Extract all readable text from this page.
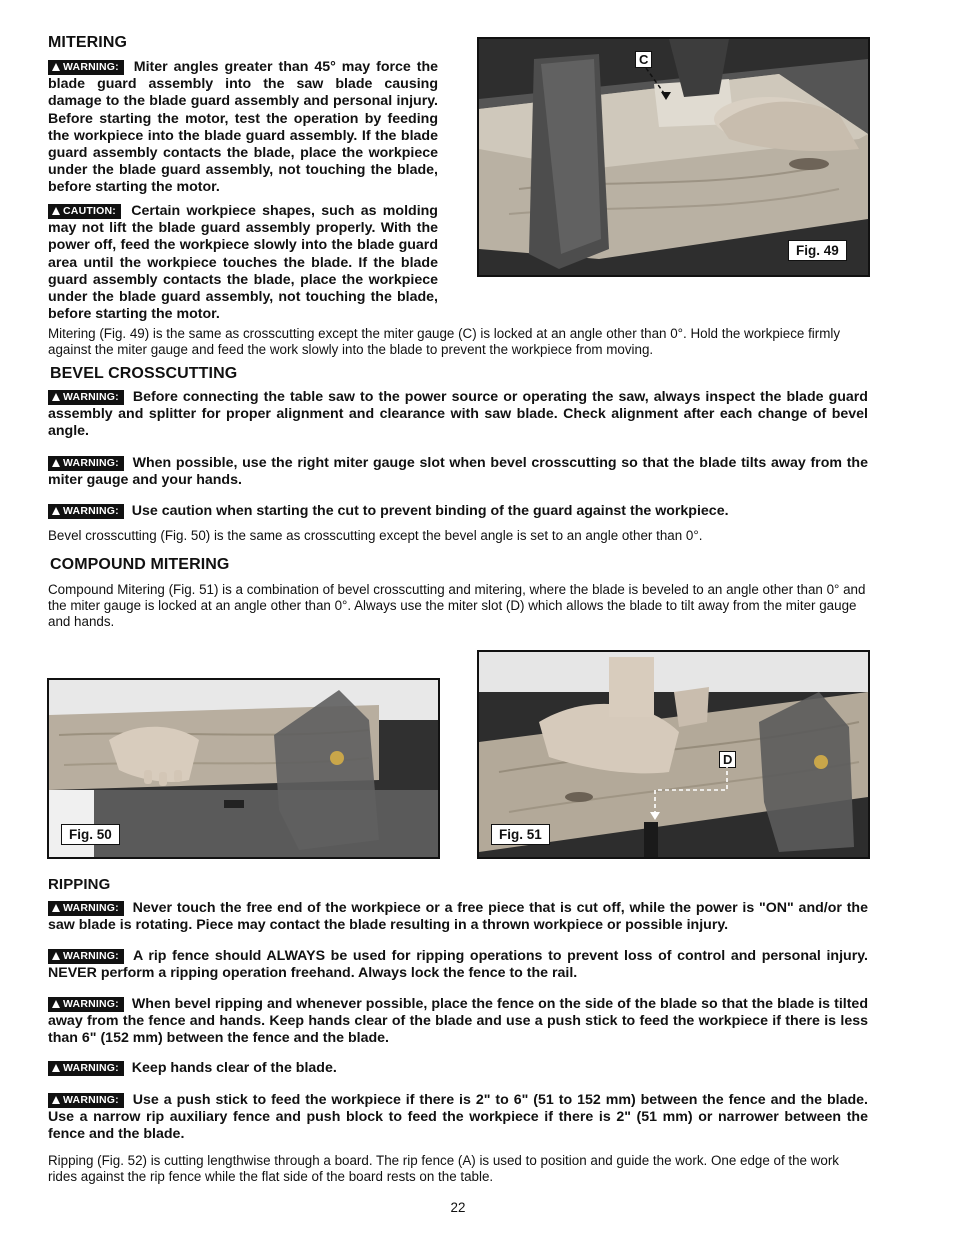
MITERING
WARNING: Miter angles greater than 45° may force the blade guard assembly into the saw blade causing damage to the blade guard assembly and personal injury. Before starting the motor, test the operation by feeding the workpiece into the blade guard assembly. If the blade guard assembly contacts the blade, place the workpiece under the blade guard assembly, not touching the blade, before starting the motor.
CAUTION: Certain workpiece shapes, such as molding may not lift the blade guard assembly properly. With the power off, feed the workpiece slowly into the blade guard area until the workpiece touches the blade. If the blade guard assembly contacts the blade, place the workpiece under the blade guard assembly, not touching the blade, before starting the motor.
C
Fig. 49
Mitering (Fig. 49) is the same as crosscutting except the miter gauge (C) is locked at an angle other than 0°. Hold the workpiece firmly against the miter gauge and feed the work slowly into the blade to prevent the workpiece from moving.
BEVEL CROSSCUTTING
WARNING: Before connecting the table saw to the power source or operating the saw, always inspect the blade guard assembly and splitter for proper alignment and clearance with saw blade. Check alignment after each change of bevel angle.
WARNING: When possible, use the right miter gauge slot when bevel crosscutting so that the blade tilts away from the miter gauge and your hands.
WARNING: Use caution when starting the cut to prevent binding of the guard against the workpiece.
Bevel crosscutting (Fig. 50) is the same as crosscutting except the bevel angle is set to an angle other than 0°.
COMPOUND MITERING
Compound Mitering (Fig. 51) is a combination of bevel crosscutting and mitering, where the blade is beveled to an angle other than 0° and the miter gauge is locked at an angle other than 0°. Always use the miter slot (D) which allows the blade to tilt away from the miter gauge and hands.
Fig. 50
D
Fig. 51
RIPPING
WARNING: Never touch the free end of the workpiece or a free piece that is cut off, while the power is "ON" and/or the saw blade is rotating. Piece may contact the blade resulting in a thrown workpiece or possible injury.
WARNING: A rip fence should ALWAYS be used for ripping operations to prevent loss of control and personal injury. NEVER perform a ripping operation freehand. Always lock the fence to the rail.
WARNING: When bevel ripping and whenever possible, place the fence on the side of the blade so that the blade is tilted away from the fence and hands. Keep hands clear of the blade and use a push stick to feed the workpiece if there is less than 6" (152 mm) between the fence and the blade.
WARNING: Keep hands clear of the blade.
WARNING: Use a push stick to feed the workpiece if there is 2" to 6" (51 to 152 mm) between the fence and the blade. Use a narrow rip auxiliary fence and push block to feed the workpiece if there is 2" (51 mm) or narrower between the fence and the blade.
Ripping (Fig. 52) is cutting lengthwise through a board. The rip fence (A) is used to position and guide the work. One edge of the work rides against the rip fence while the flat side of the board rests on the table.
22
